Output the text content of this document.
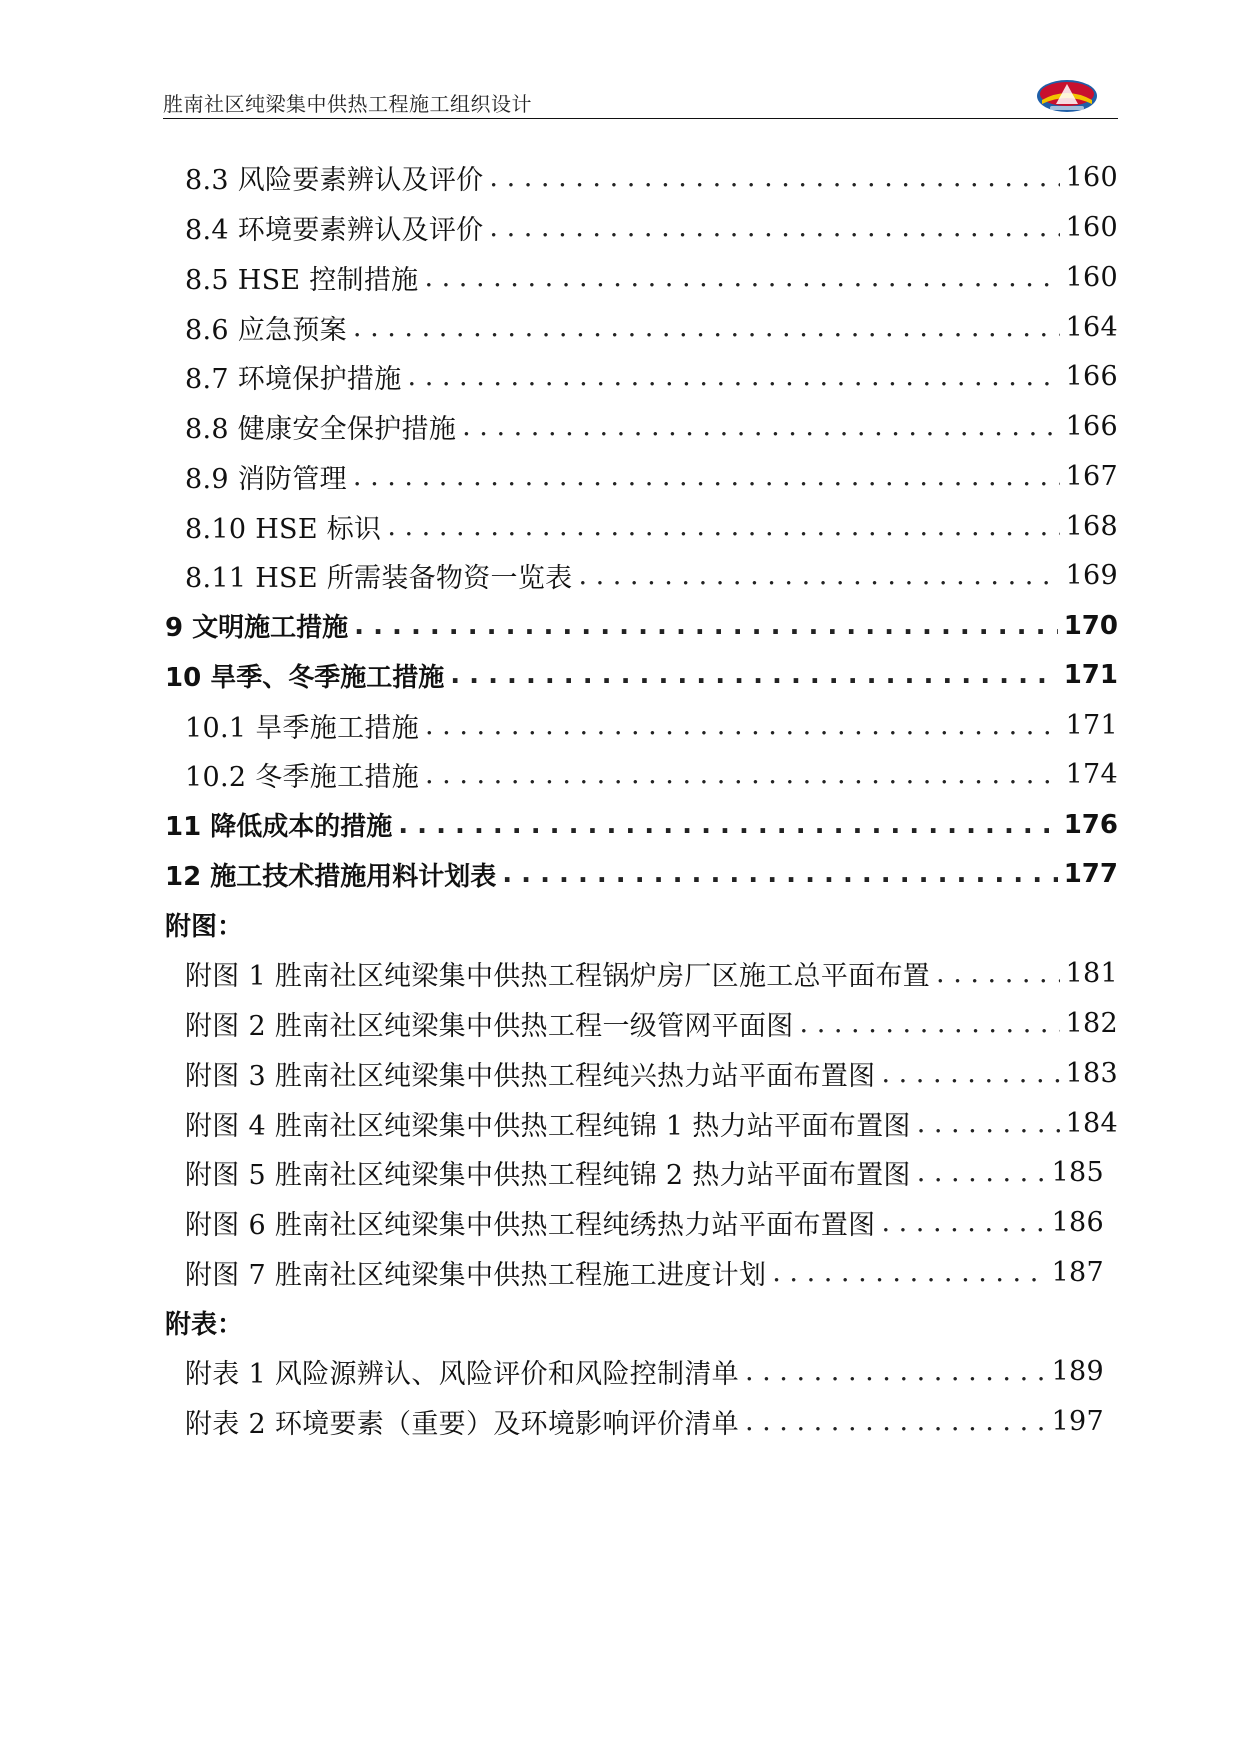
胜南社区纯梁集中供热工程施工组织设计
8.3 风险要素辨认及评价 . . .	160
8.4 环境要素辨认及评价 . . .	160
8.5 HSE 控制措施 . . .	160
8.6 应急预案 . . .	164
8.7 环境保护措施 . . .	166
8.8 健康安全保护措施 . . .	166
8.9 消防管理 . . .	167
8.10 HSE 标识 . . .	168
8.11 HSE 所需装备物资一览表 . . .	169
9 文明施工措施 . . .	170
10 旱季、冬季施工措施 . . .	171
10.1 旱季施工措施 . . .	171
10.2 冬季施工措施 . . .	174
11 降低成本的措施 . . .	176
12 施工技术措施用料计划表 . . .	177
附图：
附图 1 胜南社区纯梁集中供热工程锅炉房厂区施工总平面布置 . . .	181
附图 2 胜南社区纯梁集中供热工程一级管网平面图 . . .	182
附图 3 胜南社区纯梁集中供热工程纯兴热力站平面布置图 . . .	183
附图 4 胜南社区纯梁集中供热工程纯锦 1 热力站平面布置图 . . .	184
附图 5 胜南社区纯梁集中供热工程纯锦 2 热力站平面布置图 . . .	185
附图 6 胜南社区纯梁集中供热工程纯绣热力站平面布置图 . . .	186
附图 7 胜南社区纯梁集中供热工程施工进度计划 . . .	187
附表：
附表 1 风险源辨认、风险评价和风险控制清单 . . .	189
附表 2 环境要素（重要）及环境影响评价清单 . . .	197
